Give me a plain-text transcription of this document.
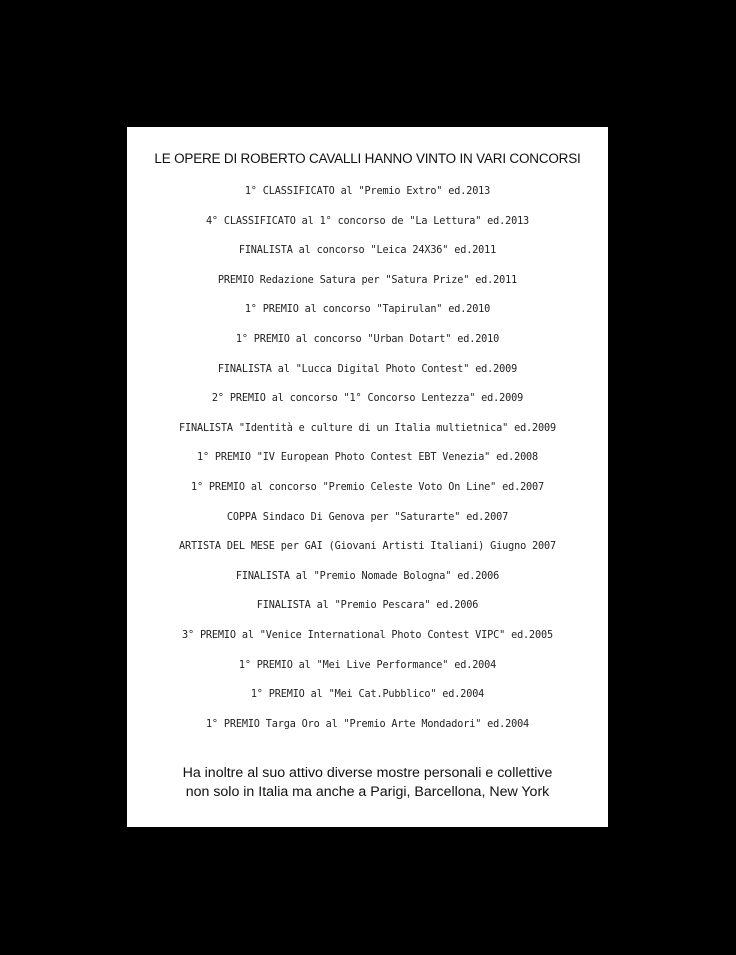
LE OPERE DI ROBERTO CAVALLI HANNO VINTO IN VARI CONCORSI
1° CLASSIFICATO al "Premio Extro" ed.2013
4° CLASSIFICATO al 1° concorso de "La Lettura" ed.2013
FINALISTA al concorso "Leica 24X36" ed.2011
PREMIO Redazione Satura per "Satura Prize" ed.2011
1° PREMIO al concorso "Tapirulan" ed.2010
1° PREMIO al concorso "Urban Dotart" ed.2010
FINALISTA al "Lucca Digital Photo Contest" ed.2009
2° PREMIO al concorso "1° Concorso Lentezza" ed.2009
FINALISTA "Identità e culture di un Italia multietnica" ed.2009
1° PREMIO "IV European Photo Contest EBT Venezia" ed.2008
1° PREMIO al concorso "Premio Celeste Voto On Line" ed.2007
COPPA Sindaco Di Genova per "Saturarte" ed.2007
ARTISTA DEL MESE per GAI (Giovani Artisti Italiani) Giugno 2007
FINALISTA al "Premio Nomade Bologna" ed.2006
FINALISTA al "Premio Pescara" ed.2006
3° PREMIO al "Venice International Photo Contest VIPC" ed.2005
1° PREMIO al "Mei Live Performance" ed.2004
1° PREMIO al "Mei Cat.Pubblico" ed.2004
1° PREMIO Targa Oro al "Premio Arte Mondadori" ed.2004
Ha inoltre al suo attivo diverse mostre personali e collettive
non solo in Italia ma anche a Parigi, Barcellona, New York
